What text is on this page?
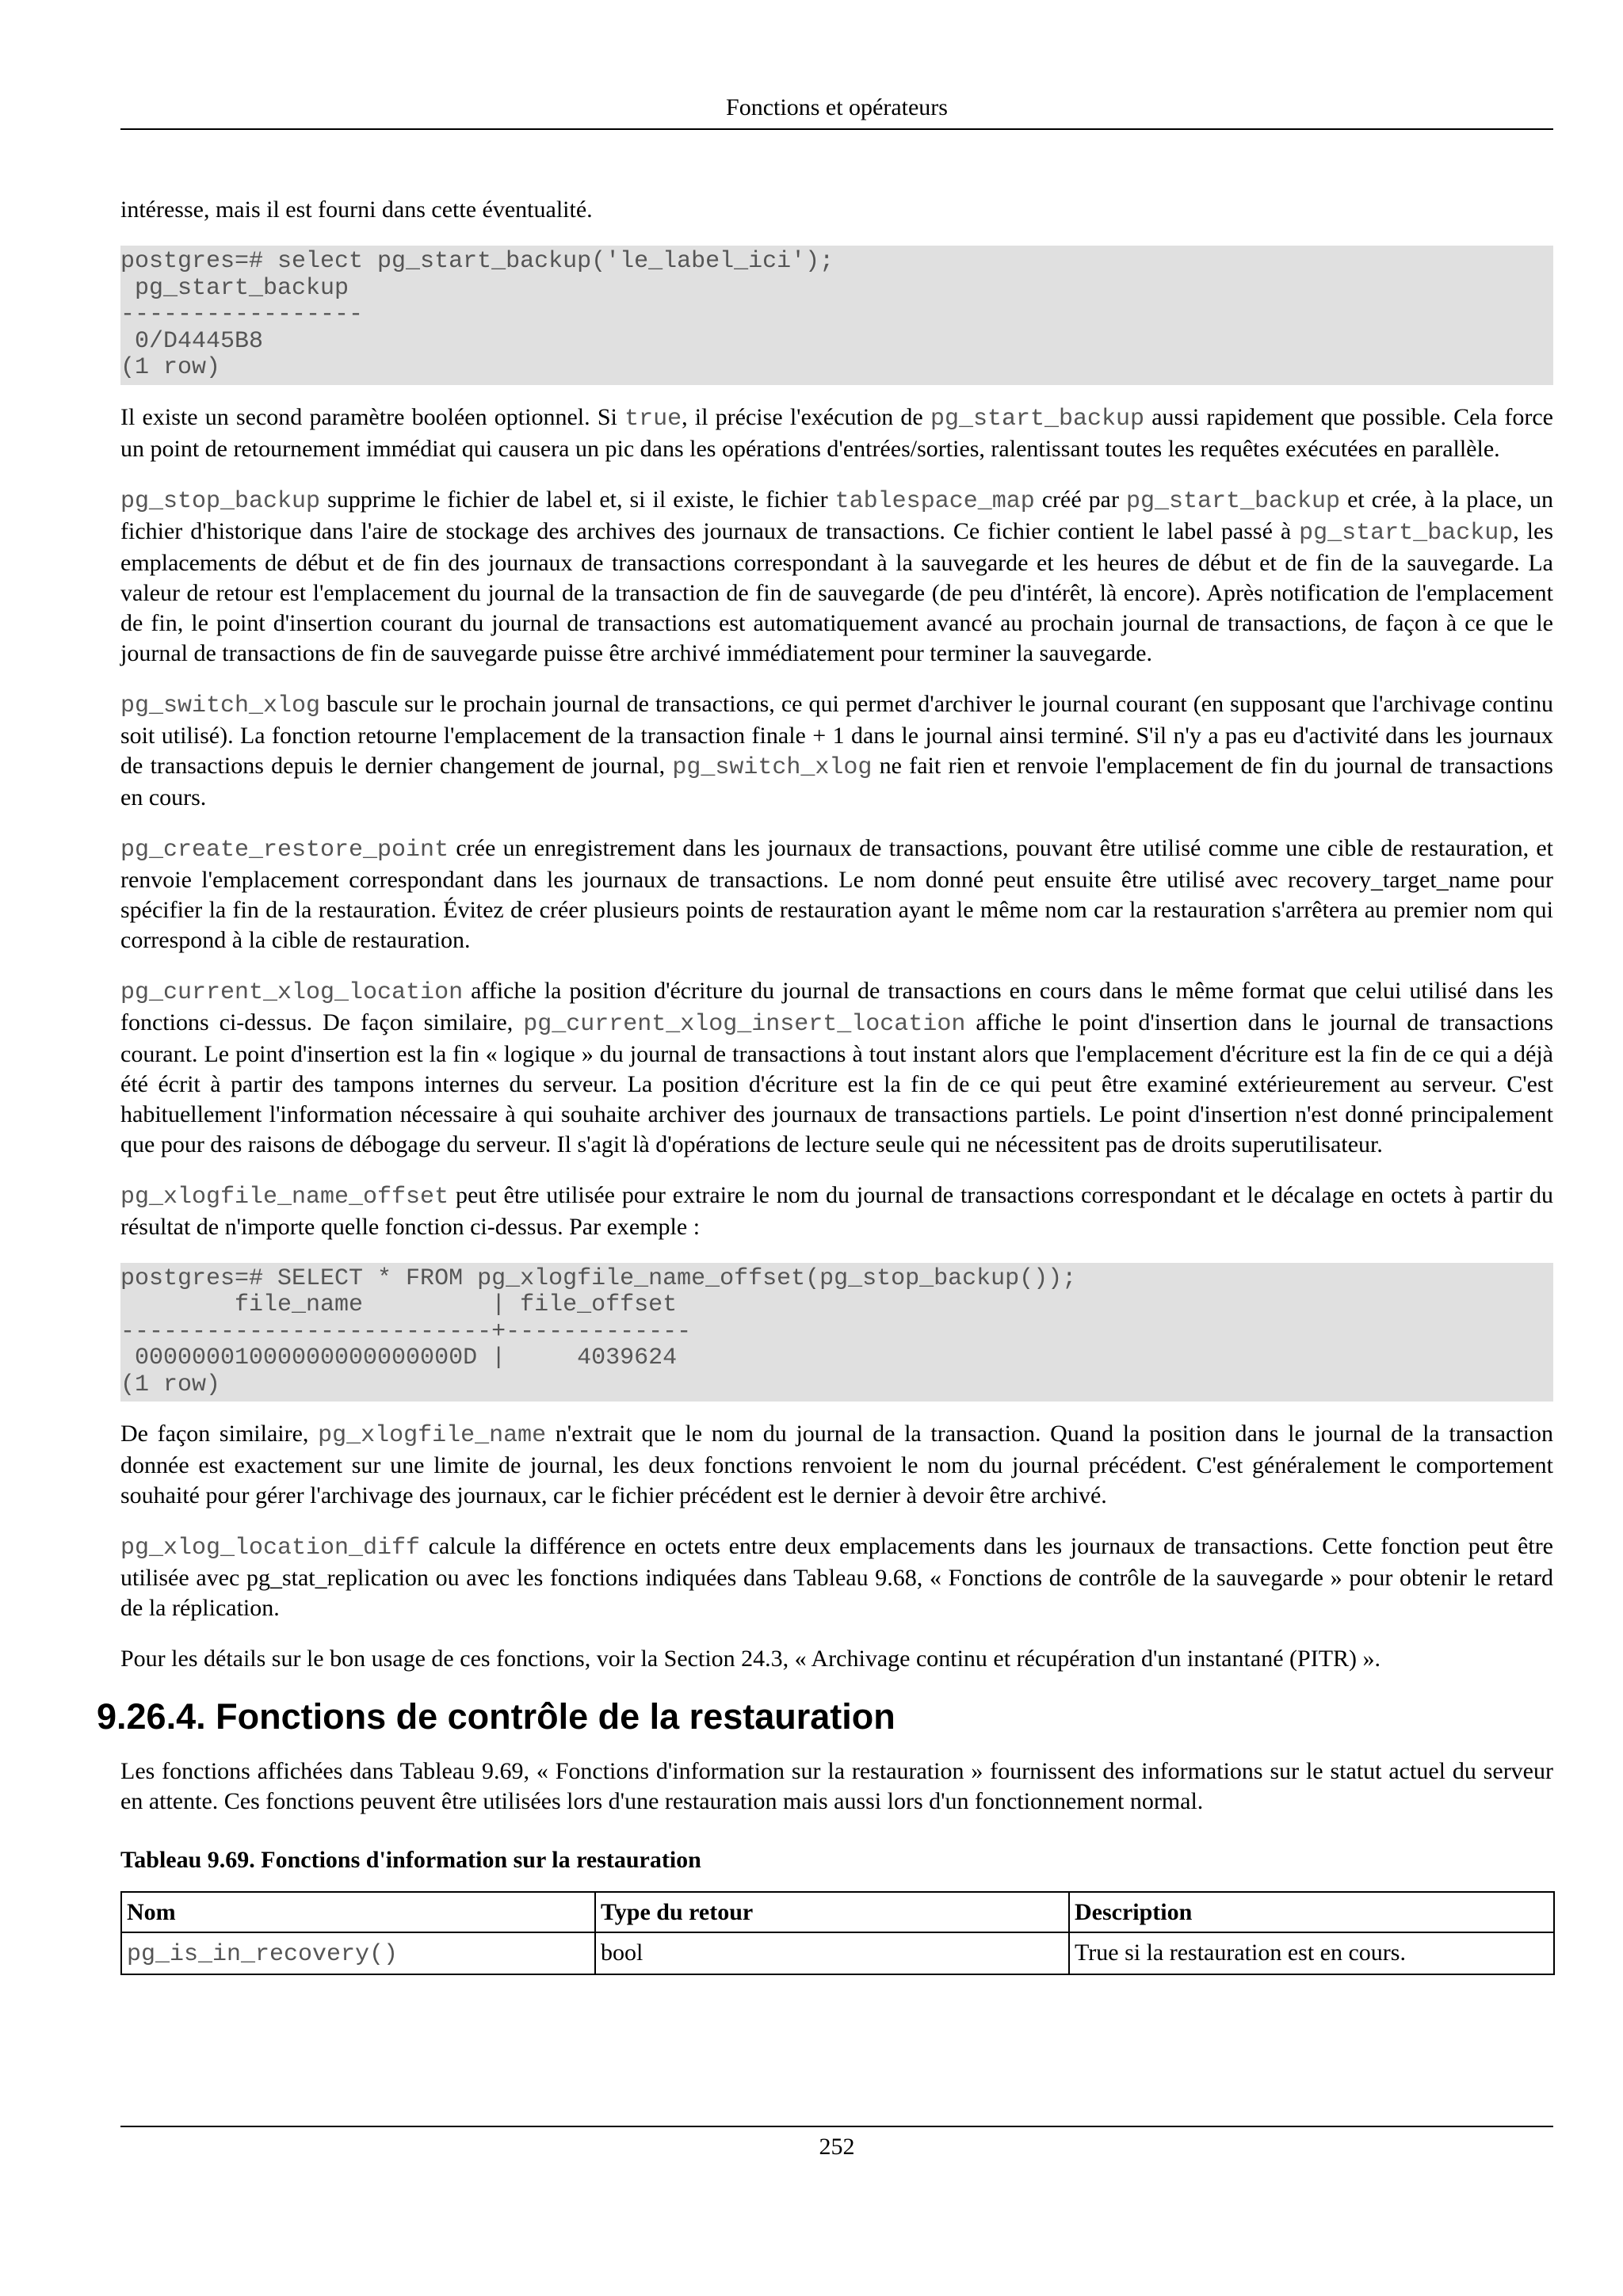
Fonctions et opérateurs

intéresse, mais il est fourni dans cette éventualité.

postgres=# select pg_start_backup('le_label_ici');
pg_start_backup
-----------------
0/D4445B8
(1 row)

Il existe un second paramètre booléen optionnel. Si true, il précise l'exécution de pg_start_backup aussi rapidement que possible. Cela force un point de retournement immédiat qui causera un pic dans les opérations d'entrées/sorties, ralentissant toutes les requêtes exécutées en parallèle.

pg_stop_backup supprime le fichier de label et, si il existe, le fichier tablespace_map créé par pg_start_backup et crée, à la place, un fichier d'historique dans l'aire de stockage des archives des journaux de transactions. Ce fichier contient le label passé à pg_start_backup, les emplacements de début et de fin des journaux de transactions correspondant à la sauvegarde et les heures de début et de fin de la sauvegarde. La valeur de retour est l'emplacement du journal de la transaction de fin de sauvegarde (de peu d'intérêt, là encore). Après notification de l'emplacement de fin, le point d'insertion courant du journal de transactions est automatiquement avancé au prochain journal de transactions, de façon à ce que le journal de transactions de fin de sauvegarde puisse être archivé immédiatement pour terminer la sauvegarde.

pg_switch_xlog bascule sur le prochain journal de transactions, ce qui permet d'archiver le journal courant (en supposant que l'archivage continu soit utilisé). La fonction retourne l'emplacement de la transaction finale + 1 dans le journal ainsi terminé. S'il n'y a pas eu d'activité dans les journaux de transactions depuis le dernier changement de journal, pg_switch_xlog ne fait rien et renvoie l'emplacement de fin du journal de transactions en cours.

pg_create_restore_point crée un enregistrement dans les journaux de transactions, pouvant être utilisé comme une cible de restauration, et renvoie l'emplacement correspondant dans les journaux de transactions. Le nom donné peut ensuite être utilisé avec recovery_target_name pour spécifier la fin de la restauration. Évitez de créer plusieurs points de restauration ayant le même nom car la restauration s'arrêtera au premier nom qui correspond à la cible de restauration.

pg_current_xlog_location affiche la position d'écriture du journal de transactions en cours dans le même format que celui utilisé dans les fonctions ci-dessus. De façon similaire, pg_current_xlog_insert_location affiche le point d'insertion dans le journal de transactions courant. Le point d'insertion est la fin « logique » du journal de transactions à tout instant alors que l'emplacement d'écriture est la fin de ce qui a déjà été écrit à partir des tampons internes du serveur. La position d'écriture est la fin de ce qui peut être examiné extérieurement au serveur. C'est habituellement l'information nécessaire à qui souhaite archiver des journaux de transactions partiels. Le point d'insertion n'est donné principalement que pour des raisons de débogage du serveur. Il s'agit là d'opérations de lecture seule qui ne nécessitent pas de droits superutilisateur.

pg_xlogfile_name_offset peut être utilisée pour extraire le nom du journal de transactions correspondant et le décalage en octets à partir du résultat de n'importe quelle fonction ci-dessus. Par exemple :

postgres=# SELECT * FROM pg_xlogfile_name_offset(pg_stop_backup());
file_name         | file_offset
--------------------------+-------------
00000001000000000000000D |     4039624
(1 row)

De façon similaire, pg_xlogfile_name n'extrait que le nom du journal de la transaction. Quand la position dans le journal de la transaction donnée est exactement sur une limite de journal, les deux fonctions renvoient le nom du journal précédent. C'est généralement le comportement souhaité pour gérer l'archivage des journaux, car le fichier précédent est le dernier à devoir être archivé.

pg_xlog_location_diff calcule la différence en octets entre deux emplacements dans les journaux de transactions. Cette fonction peut être utilisée avec pg_stat_replication ou avec les fonctions indiquées dans Tableau 9.68, « Fonctions de contrôle de la sauvegarde » pour obtenir le retard de la réplication.

Pour les détails sur le bon usage de ces fonctions, voir la Section 24.3, « Archivage continu et récupération d'un instantané (PITR) ».

9.26.4. Fonctions de contrôle de la restauration

Les fonctions affichées dans Tableau 9.69, « Fonctions d'information sur la restauration » fournissent des informations sur le statut actuel du serveur en attente. Ces fonctions peuvent être utilisées lors d'une restauration mais aussi lors d'un fonctionnement normal.

Tableau 9.69. Fonctions d'information sur la restauration
Nom	Type du retour	Description
pg_is_in_recovery()	bool	True si la restauration est en cours.
252
